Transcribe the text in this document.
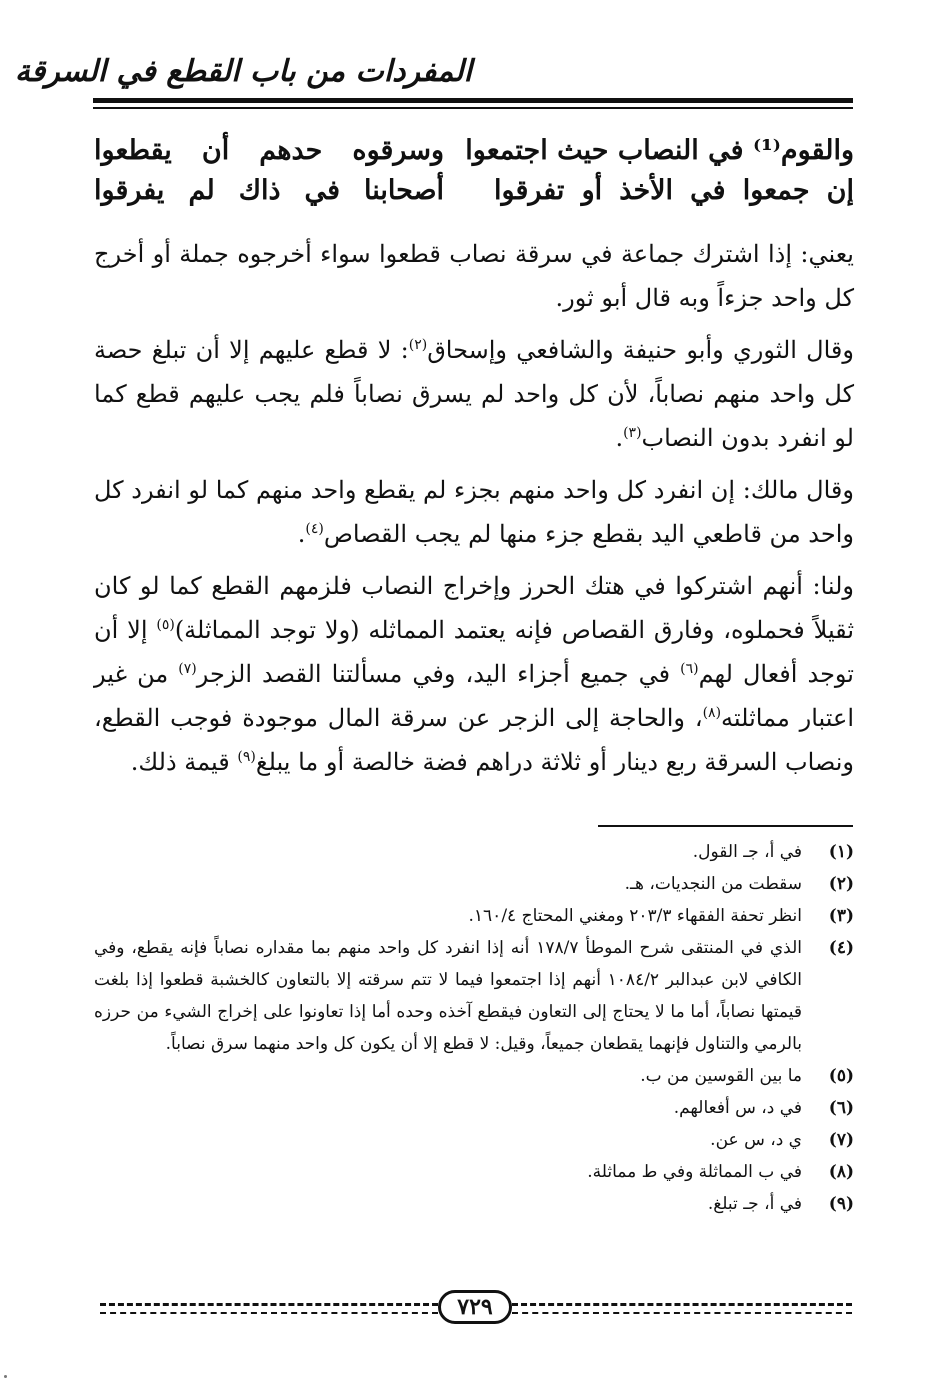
المفردات من باب القطع في السرقة
والقوم⁽¹⁾ في النصاب حيث اجتمعوا
وسرقوه حدهم أن يقطعوا
إن جمعوا في الأخذ أو تفرقوا
أصحابنا في ذاك لم يفرقوا

يعني: إذا اشترك جماعة في سرقة نصاب قطعوا سواء أخرجوه جملة أو أخرج كل واحد جزءاً وبه قال أبو ثور.

وقال الثوري وأبو حنيفة والشافعي وإسحاق$^{(٢)}$: لا قطع عليهم إلا أن تبلغ حصة كل واحد منهم نصاباً، لأن كل واحد لم يسرق نصاباً فلم يجب عليهم قطع كما لو انفرد بدون النصاب$^{(٣)}$.

وقال مالك: إن انفرد كل واحد منهم بجزء لم يقطع واحد منهم كما لو انفرد كل واحد من قاطعي اليد بقطع جزء منها لم يجب القصاص$^{(٤)}$.

ولنا: أنهم اشتركوا في هتك الحرز وإخراج النصاب فلزمهم القطع كما لو كان ثقيلاً فحملوه، وفارق القصاص فإنه يعتمد المماثله (ولا توجد المماثلة)$^{(٥)}$ إلا أن توجد أفعال لهم$^{(٦)}$ في جميع أجزاء اليد، وفي مسألتنا القصد الزجر$^{(٧)}$ من غير اعتبار مماثلته$^{(٨)}$، والحاجة إلى الزجر عن سرقة المال موجودة فوجب القطع، ونصاب السرقة ربع دينار أو ثلاثة دراهم فضة خالصة أو ما يبلغ$^{(٩)}$ قيمة ذلك.

(١)
في أ، جـ القول.
(٢)
سقطت من النجديات، هـ.
(٣)
انظر تحفة الفقهاء ٢٠٣/٣ ومغني المحتاج ١٦٠/٤.
(٤)
الذي في المنتقى شرح الموطأ ١٧٨/٧ أنه إذا انفرد كل واحد منهم بما مقداره نصاباً فإنه يقطع، وفي الكافي لابن عبدالبر ١٠٨٤/٢ أنهم إذا اجتمعوا فيما لا تتم سرقته إلا بالتعاون كالخشبة قطعوا إذا بلغت قيمتها نصاباً، أما ما لا يحتاج إلى التعاون فيقطع آخذه وحده أما إذا تعاونوا على إخراج الشيء من حرزه بالرمي والتناول فإنهما يقطعان جميعاً، وقيل: لا قطع إلا أن يكون كل واحد منهما سرق نصاباً.
(٥)
ما بين القوسين من ب.
(٦)
في د، س أفعالهم.
(٧)
ي د، س عن.
(٨)
في ب المماثلة وفي ط مماثلة.
(٩)
في أ، جـ تبلغ.
٧٢٩
